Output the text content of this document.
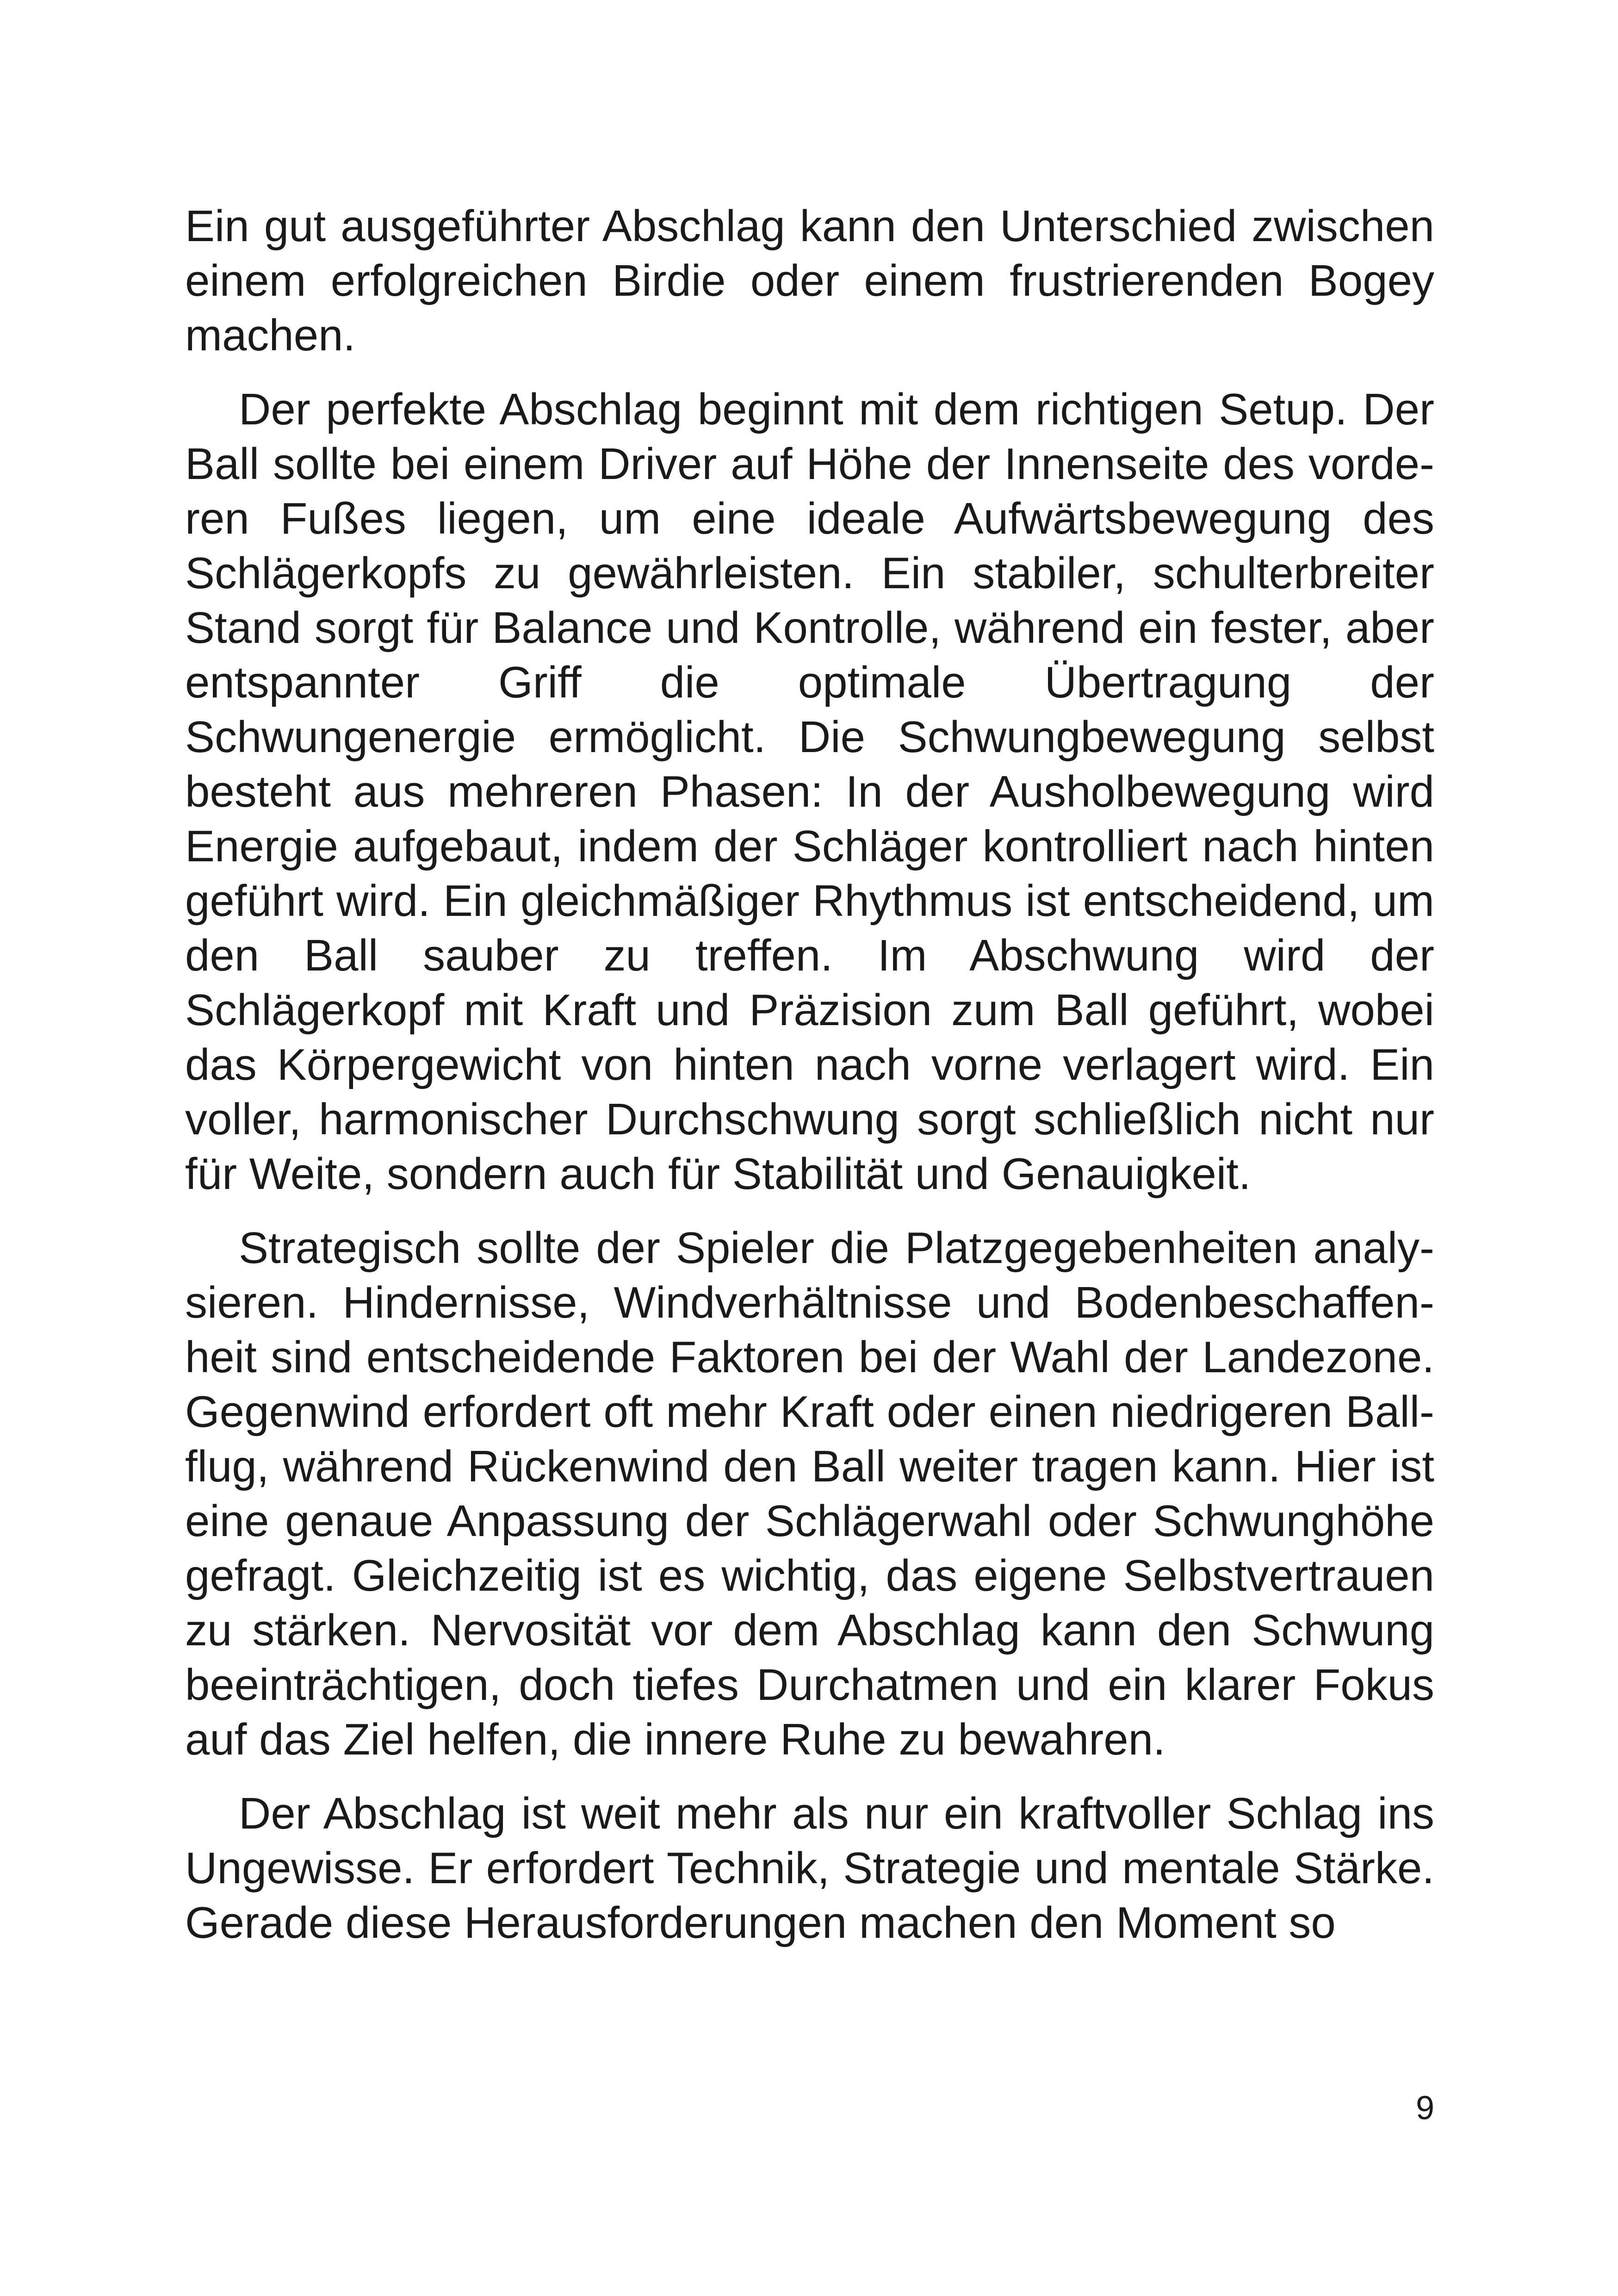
Ein gut ausgeführter Abschlag kann den Unterschied zwischen einem erfolgreichen Birdie oder einem frustrierenden Bogey machen.

Der perfekte Abschlag beginnt mit dem richtigen Setup. Der Ball sollte bei einem Driver auf Höhe der Innenseite des vorderen Fußes liegen, um eine ideale Aufwärtsbewegung des Schlägerkopfs zu gewährleisten. Ein stabiler, schulterbreiter Stand sorgt für Balance und Kontrolle, während ein fester, aber entspannter Griff die optimale Übertragung der Schwungenergie ermöglicht. Die Schwungbewegung selbst besteht aus mehreren Phasen: In der Ausholbewegung wird Energie aufgebaut, indem der Schläger kontrolliert nach hinten geführt wird. Ein gleichmäßiger Rhythmus ist entscheidend, um den Ball sauber zu treffen. Im Abschwung wird der Schlägerkopf mit Kraft und Präzision zum Ball geführt, wobei das Körpergewicht von hinten nach vorne verlagert wird. Ein voller, harmonischer Durchschwung sorgt schließlich nicht nur für Weite, sondern auch für Stabilität und Genauigkeit.

Strategisch sollte der Spieler die Platzgegebenheiten analysieren. Hindernisse, Windverhältnisse und Bodenbeschaffenheit sind entscheidende Faktoren bei der Wahl der Landezone. Gegenwind erfordert oft mehr Kraft oder einen niedrigeren Ballflug, während Rückenwind den Ball weiter tragen kann. Hier ist eine genaue Anpassung der Schlägerwahl oder Schwunghöhe gefragt. Gleichzeitig ist es wichtig, das eigene Selbstvertrauen zu stärken. Nervosität vor dem Abschlag kann den Schwung beeinträchtigen, doch tiefes Durchatmen und ein klarer Fokus auf das Ziel helfen, die innere Ruhe zu bewahren.

Der Abschlag ist weit mehr als nur ein kraftvoller Schlag ins Ungewisse. Er erfordert Technik, Strategie und mentale Stärke. Gerade diese Herausforderungen machen den Moment so

9
